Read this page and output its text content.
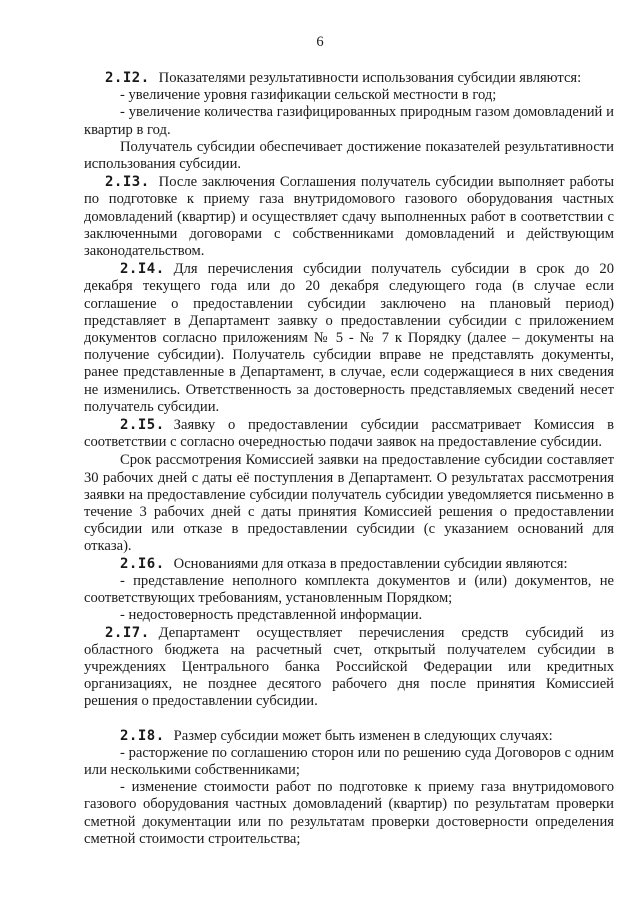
6

2.I2. Показателями результативности использования субсидии являются:

- увеличение уровня газификации сельской местности в год;

- увеличение количества газифицированных природным газом домовладений и квартир в год.

Получатель субсидии обеспечивает достижение показателей результативности использования субсидии.

2.I3. После заключения Соглашения получатель субсидии выполняет работы по подготовке к приему газа внутридомового газового оборудования частных домовладений (квартир) и осуществляет сдачу выполненных работ в соответствии с заключенными договорами с собственниками домовладений и действующим законодательством.

2.I4. Для перечисления субсидии получатель субсидии в срок до 20 декабря текущего года или до 20 декабря следующего года (в случае если соглашение о предоставлении субсидии заключено на плановый период) представляет в Департамент заявку о предоставлении субсидии с приложением документов согласно приложениям № 5 - № 7 к Порядку (далее – документы на получение субсидии). Получатель субсидии вправе не представлять документы, ранее представленные в Департамент, в случае, если содержащиеся в них сведения не изменились. Ответственность за достоверность представляемых сведений несет получатель субсидии.

2.I5. Заявку о предоставлении субсидии рассматривает Комиссия в соответствии с согласно очередностью подачи заявок на предоставление субсидии.

Срок рассмотрения Комиссией заявки на предоставление субсидии составляет 30 рабочих дней с даты её поступления в Департамент. О результатах рассмотрения заявки на предоставление субсидии получатель субсидии уведомляется письменно в течение 3 рабочих дней с даты принятия Комиссией решения о предоставлении субсидии или отказе в предоставлении субсидии (с указанием оснований для отказа).

2.I6. Основаниями для отказа в предоставлении субсидии являются:

- представление неполного комплекта документов и (или) документов, не соответствующих требованиям, установленным Порядком;

- недостоверность представленной информации.

2.I7. Департамент осуществляет перечисления средств субсидий из областного бюджета на расчетный счет, открытый получателем субсидии в учреждениях Центрального банка Российской Федерации или кредитных организациях, не позднее десятого рабочего дня после принятия Комиссией решения о предоставлении субсидии.

2.I8. Размер субсидии может быть изменен в следующих случаях:

- расторжение по соглашению сторон или по решению суда Договоров с одним или несколькими собственниками;

- изменение стоимости работ по подготовке к приему газа внутридомового газового оборудования частных домовладений (квартир) по результатам проверки сметной документации или по результатам проверки достоверности определения сметной стоимости строительства;
